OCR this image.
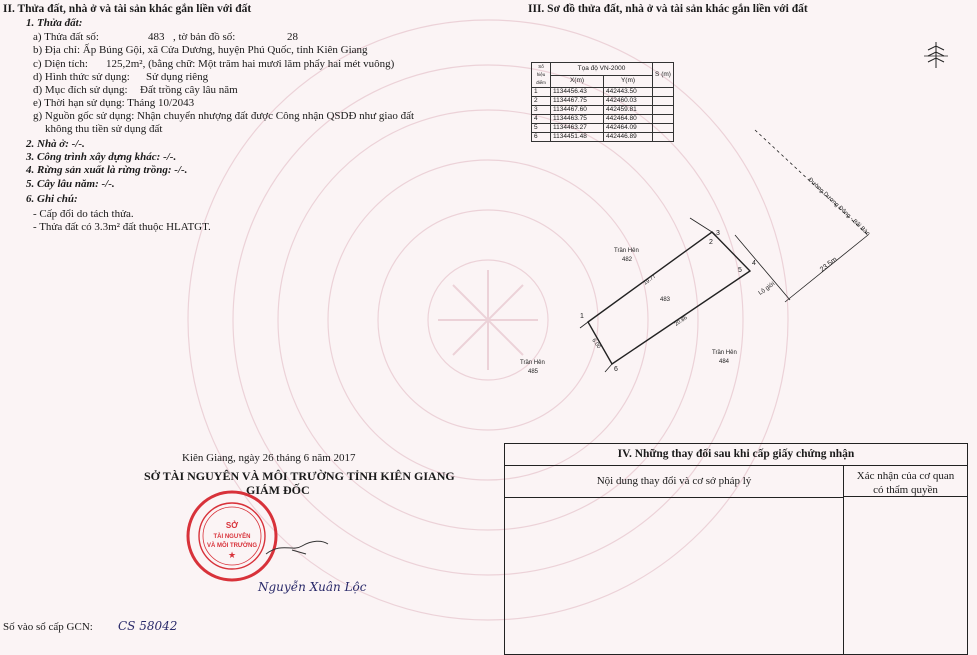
II. Thửa đất, nhà ở và tài sản khác gắn liền với đất
1. Thửa đất:
a) Thửa đất số:	483 , tờ bản đồ số:	28
b) Địa chỉ: Ấp Búng Gội, xã Cửa Dương, huyện Phú Quốc, tỉnh Kiên Giang
c) Diện tích: 125,2m², (bằng chữ: Một trăm hai mươi lăm phẩy hai mét vuông)
d) Hình thức sử dụng: Sử dụng riêng
đ) Mục đích sử dụng: Đất trồng cây lâu năm
e) Thời hạn sử dụng: Tháng 10/2043
g) Nguồn gốc sử dụng: Nhận chuyển nhượng đất được Công nhận QSDĐ như giao đất
không thu tiền sử dụng đất
2. Nhà ở: -/-.
3. Công trình xây dựng khác: -/-.
4. Rừng sản xuất là rừng trồng: -/-.
5. Cây lâu năm: -/-.
6. Ghi chú:
- Cấp đổi do tách thửa.
- Thửa đất có 3.3m² đất thuộc HLATGT.
III. Sơ đồ thửa đất, nhà ở và tài sản khác gắn liền với đất
Số hiệu điểm	Tọa độ VN-2000		S (m)
	X(m)	Y(m)	
1	1134456.43	442443.50	
2	1134467.75	442460.03	
3	1134467.60	442459.81	
4	1134463.75	442464.80	
5	1134463.27	442464.09	
6	1134451.48	442446.89	
Đường Dương Đông - Bãi Bào
23.5m
Lộ giới
Trần Hên
482
Trần Hên
485
Trần Hên
484
483
19.77
20.86
6.00
1
2
3
4
5
6
Kiên Giang, ngày 26 tháng 6 năm 2017
SỞ TÀI NGUYÊN VÀ MÔI TRƯỜNG TỈNH KIÊN GIANG
GIÁM ĐỐC
SỞ
TÀI NGUYÊN
VÀ MÔI TRƯỜNG
★
Nguyễn Xuân Lộc
Số vào sổ cấp GCN: CS 58042
IV. Những thay đổi sau khi cấp giấy chứng nhận
Nội dung thay đổi và cơ sở pháp lý	Xác nhận của cơ quan
có thẩm quyền
